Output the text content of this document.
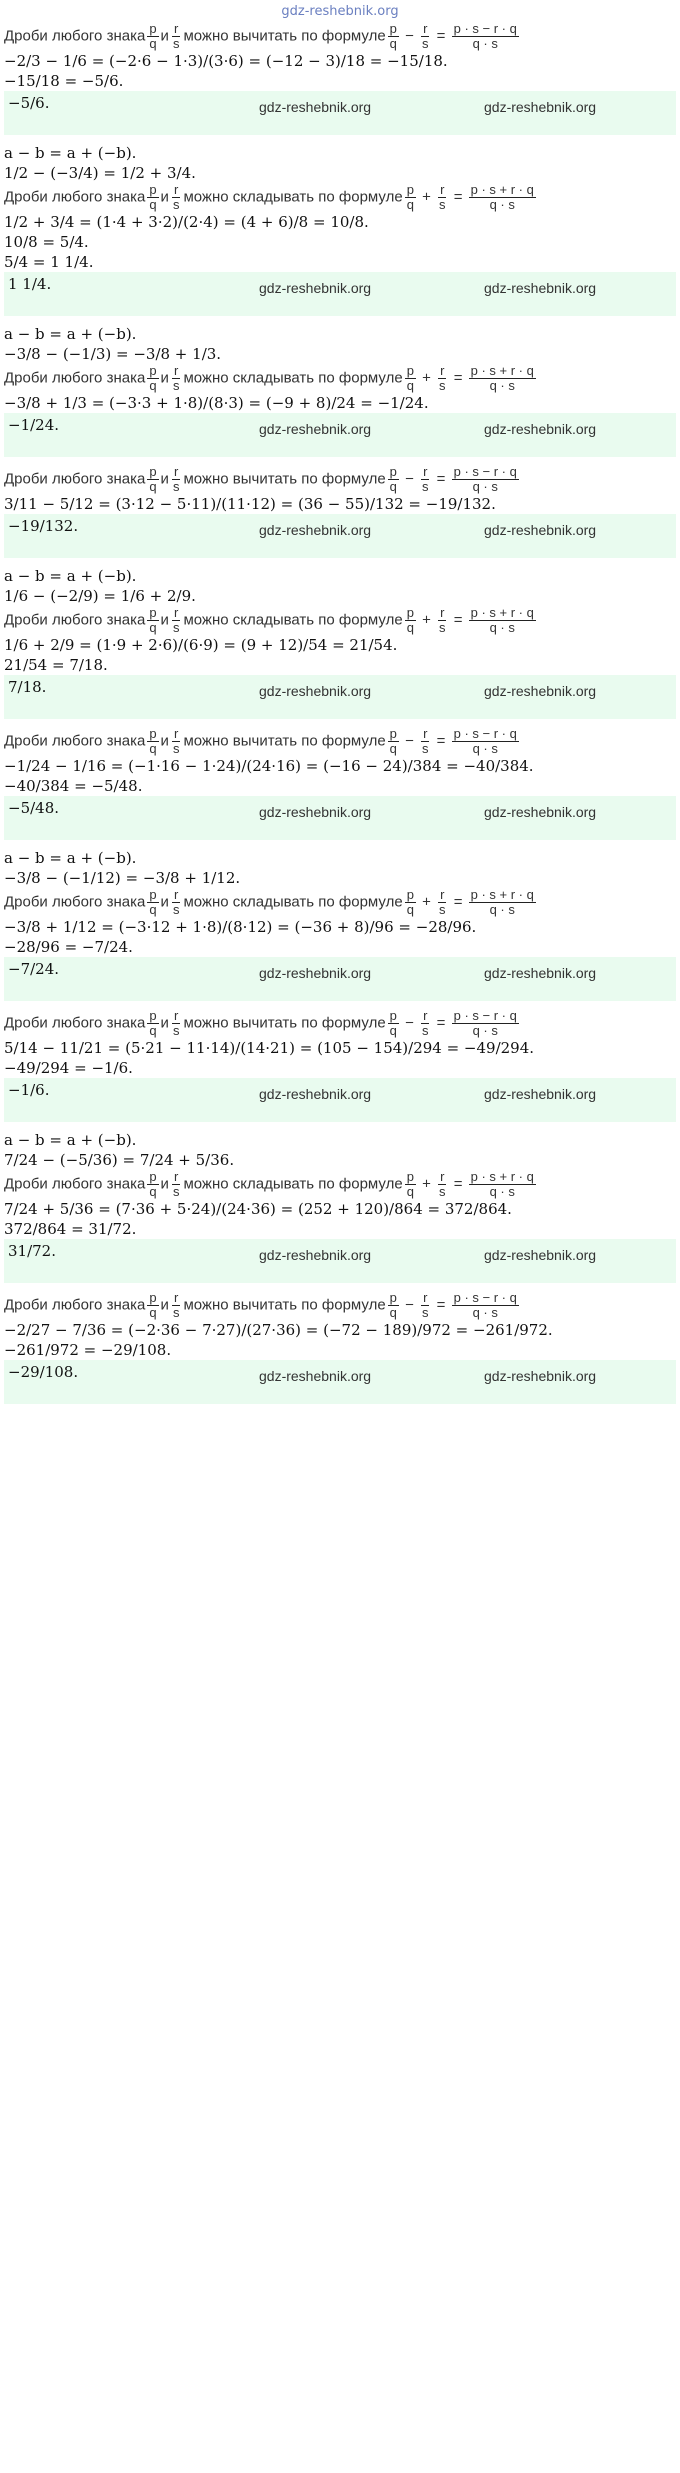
gdz-reshebnik.org
Дроби любого знака $\frac{p}{q}$ и $\frac{r}{s}$ можно вычитать по формуле $\frac{p}{q} - \frac{r}{s} = \frac{p \cdot s - r \cdot q}{q \cdot s}$
−2/3 − 1/6 = (−2·6 − 1·3)/(3·6) = (−12 − 3)/18 = −15/18.
−15/18 = −5/6.
−5/6.	gdz-reshebnik.org	gdz-reshebnik.org
a − b = a + (−b).
1/2 − (−3/4) = 1/2 + 3/4.
Дроби любого знака $\frac{p}{q}$ и $\frac{r}{s}$ можно складывать по формуле $\frac{p}{q} + \frac{r}{s} = \frac{p \cdot s + r \cdot q}{q \cdot s}$
1/2 + 3/4 = (1·4 + 3·2)/(2·4) = (4 + 6)/8 = 10/8.
10/8 = 5/4.
5/4 = 1 1/4.
1 1/4.	gdz-reshebnik.org	gdz-reshebnik.org
a − b = a + (−b).
−3/8 − (−1/3) = −3/8 + 1/3.
Дроби любого знака $\frac{p}{q}$ и $\frac{r}{s}$ можно складывать по формуле $\frac{p}{q} + \frac{r}{s} = \frac{p \cdot s + r \cdot q}{q \cdot s}$
−3/8 + 1/3 = (−3·3 + 1·8)/(8·3) = (−9 + 8)/24 = −1/24.
−1/24.	gdz-reshebnik.org	gdz-reshebnik.org
Дроби любого знака $\frac{p}{q}$ и $\frac{r}{s}$ можно вычитать по формуле $\frac{p}{q} - \frac{r}{s} = \frac{p \cdot s - r \cdot q}{q \cdot s}$
3/11 − 5/12 = (3·12 − 5·11)/(11·12) = (36 − 55)/132 = −19/132.
−19/132.	gdz-reshebnik.org	gdz-reshebnik.org
a − b = a + (−b).
1/6 − (−2/9) = 1/6 + 2/9.
Дроби любого знака $\frac{p}{q}$ и $\frac{r}{s}$ можно складывать по формуле $\frac{p}{q} + \frac{r}{s} = \frac{p \cdot s + r \cdot q}{q \cdot s}$
1/6 + 2/9 = (1·9 + 2·6)/(6·9) = (9 + 12)/54 = 21/54.
21/54 = 7/18.
7/18.	gdz-reshebnik.org	gdz-reshebnik.org
Дроби любого знака $\frac{p}{q}$ и $\frac{r}{s}$ можно вычитать по формуле $\frac{p}{q} - \frac{r}{s} = \frac{p \cdot s - r \cdot q}{q \cdot s}$
−1/24 − 1/16 = (−1·16 − 1·24)/(24·16) = (−16 − 24)/384 = −40/384.
−40/384 = −5/48.
−5/48.	gdz-reshebnik.org	gdz-reshebnik.org
a − b = a + (−b).
−3/8 − (−1/12) = −3/8 + 1/12.
Дроби любого знака $\frac{p}{q}$ и $\frac{r}{s}$ можно складывать по формуле $\frac{p}{q} + \frac{r}{s} = \frac{p \cdot s + r \cdot q}{q \cdot s}$
−3/8 + 1/12 = (−3·12 + 1·8)/(8·12) = (−36 + 8)/96 = −28/96.
−28/96 = −7/24.
−7/24.	gdz-reshebnik.org	gdz-reshebnik.org
Дроби любого знака $\frac{p}{q}$ и $\frac{r}{s}$ можно вычитать по формуле $\frac{p}{q} - \frac{r}{s} = \frac{p \cdot s - r \cdot q}{q \cdot s}$
5/14 − 11/21 = (5·21 − 11·14)/(14·21) = (105 − 154)/294 = −49/294.
−49/294 = −1/6.
−1/6.	gdz-reshebnik.org	gdz-reshebnik.org
a − b = a + (−b).
7/24 − (−5/36) = 7/24 + 5/36.
Дроби любого знака $\frac{p}{q}$ и $\frac{r}{s}$ можно складывать по формуле $\frac{p}{q} + \frac{r}{s} = \frac{p \cdot s + r \cdot q}{q \cdot s}$
7/24 + 5/36 = (7·36 + 5·24)/(24·36) = (252 + 120)/864 = 372/864.
372/864 = 31/72.
31/72.	gdz-reshebnik.org	gdz-reshebnik.org
Дроби любого знака $\frac{p}{q}$ и $\frac{r}{s}$ можно вычитать по формуле $\frac{p}{q} - \frac{r}{s} = \frac{p \cdot s - r \cdot q}{q \cdot s}$
−2/27 − 7/36 = (−2·36 − 7·27)/(27·36) = (−72 − 189)/972 = −261/972.
−261/972 = −29/108.
−29/108.	gdz-reshebnik.org	gdz-reshebnik.org
